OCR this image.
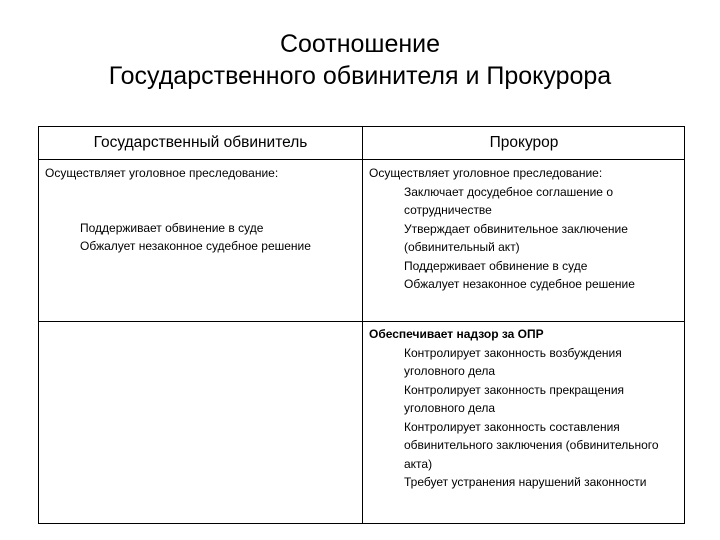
Соотношение
Государственного обвинителя и Прокурора
Государственный обвинитель	Прокурор
Осуществляет уголовное преследование:
Поддерживает обвинение в суде
Обжалует незаконное судебное решение
Осуществляет уголовное преследование:
Заключает досудебное соглашение о сотрудничестве
Утверждает обвинительное заключение (обвинительный акт)
Поддерживает обвинение в суде
Обжалует незаконное судебное решение
Обеспечивает надзор за ОПР
Контролирует законность возбуждения уголовного дела
Контролирует законность прекращения уголовного дела
Контролирует законность составления обвинительного заключения (обвинительного акта)
Требует устранения нарушений законности
